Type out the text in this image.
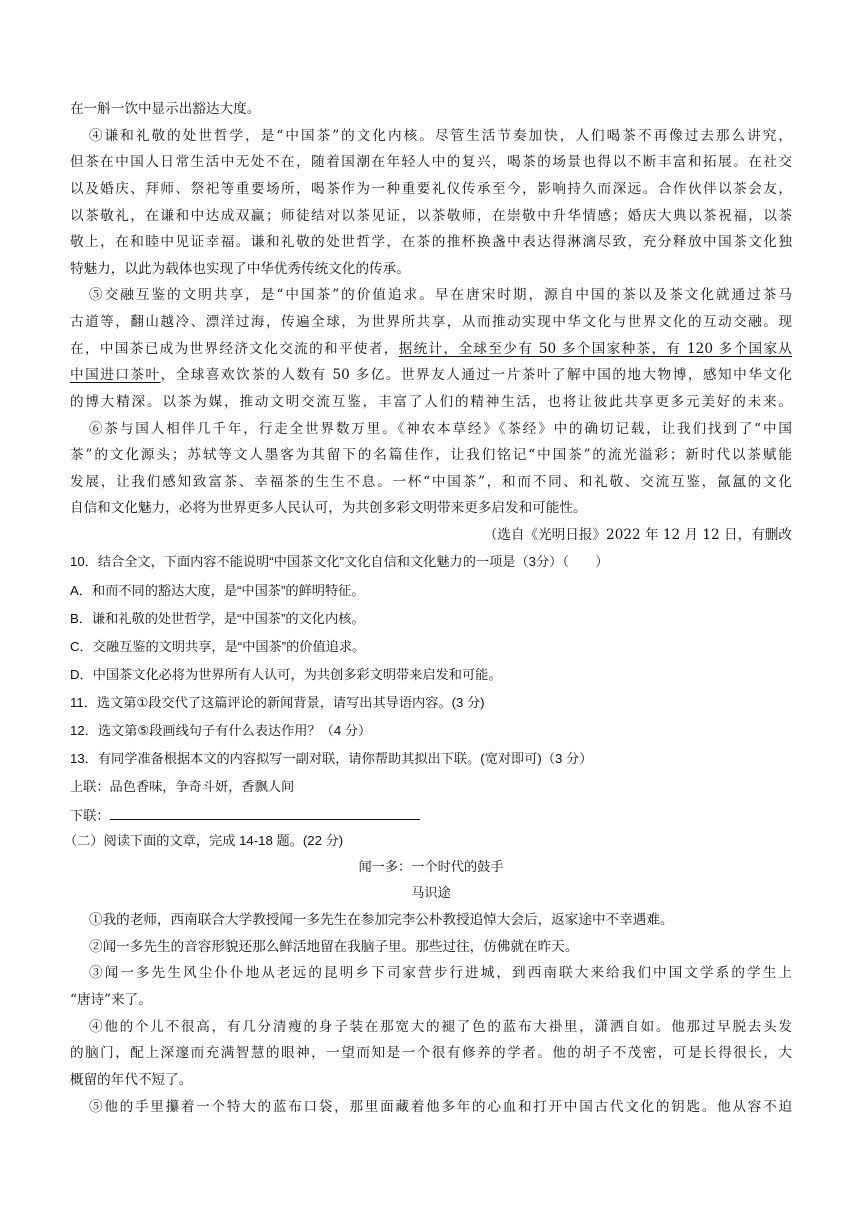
在一斛一饮中显示出豁达大度。
④谦和礼敬的处世哲学，是“中国茶”的文化内核。尽管生活节奏加快，人们喝茶不再像过去那么讲究，
但茶在中国人日常生活中无处不在，随着国潮在年轻人中的复兴，喝茶的场景也得以不断丰富和拓展。在社交
以及婚庆、拜师、祭祀等重要场所，喝茶作为一种重要礼仪传承至今，影响持久而深远。合作伙伴以茶会友，
以茶敬礼，在谦和中达成双赢；师徒结对以茶见证，以茶敬师，在崇敬中升华情感；婚庆大典以茶祝福，以茶
敬上，在和睦中见证幸福。谦和礼敬的处世哲学，在茶的推杯换盏中表达得淋漓尽致，充分释放中国茶文化独
特魅力，以此为载体也实现了中华优秀传统文化的传承。
⑤交融互鉴的文明共享，是“中国茶”的价值追求。早在唐宋时期，源自中国的茶以及茶文化就通过茶马
古道等，翻山越冷、漂洋过海，传遍全球，为世界所共享，从而推动实现中华文化与世界文化的互动交融。现
在，中国茶已成为世界经济文化交流的和平使者，据统计，全球至少有 50 多个国家种茶，有 120 多个国家从
中国进口茶叶，全球喜欢饮茶的人数有 50 多亿。世界友人通过一片茶叶了解中国的地大物博，感知中华文化
的博大精深。以茶为媒，推动文明交流互鉴，丰富了人们的精神生活，也将让彼此共享更多元美好的未来。
⑥茶与国人相伴几千年，行走全世界数万里。《神农本草经》《茶经》中的确切记载，让我们找到了“中国
茶”的文化源头；苏轼等文人墨客为其留下的名篇佳作，让我们铭记“中国茶”的流光溢彩；新时代以茶赋能
发展，让我们感知致富茶、幸福茶的生生不息。一杯“中国茶”，和而不同、和礼敬、交流互鉴，氤氲的文化
自信和文化魅力，必将为世界更多人民认可，为共创多彩文明带来更多启发和可能性。
（选自《光明日报》2022 年 12 月 12 日，有删改
10．结合全文，下面内容不能说明“中国茶文化”文化自信和文化魅力的一项是（3分）（　　）
A．和而不同的豁达大度，是“中国茶”的鲜明特征。
B．谦和礼敬的处世哲学，是“中国茶”的文化内核。
C．交融互鉴的文明共享，是“中国茶”的价值追求。
D．中国茶文化必将为世界所有人认可，为共创多彩文明带来启发和可能。
11．选文第①段交代了这篇评论的新闻背景，请写出其导语内容。(3 分)
12．选文第⑤段画线句子有什么表达作用？（4 分）
13．有同学准备根据本文的内容拟写一副对联，请你帮助其拟出下联。(宽对即可)（3 分）
上联：品色香味，争奇斗妍，香飘人间
下联：
（二）阅读下面的文章，完成 14-18 题。(22 分)
闻一多：一个时代的鼓手
马识途
①我的老师，西南联合大学教授闻一多先生在参加完李公朴教授追悼大会后，返家途中不幸遇难。
②闻一多先生的音容形貌还那么鲜活地留在我脑子里。那些过往，仿佛就在昨天。
③闻一多先生风尘仆仆地从老远的昆明乡下司家营步行进城，到西南联大来给我们中国文学系的学生上
“唐诗”来了。
④他的个儿不很高，有几分清瘦的身子装在那宽大的褪了色的蓝布大褂里，潇洒自如。他那过早脱去头发
的脑门，配上深邃而充满智慧的眼神，一望而知是一个很有修养的学者。他的胡子不茂密，可是长得很长，大
概留的年代不短了。
⑤他的手里攥着一个特大的蓝布口袋，那里面藏着他多年的心血和打开中国古代文化的钥匙。他从容不迫
